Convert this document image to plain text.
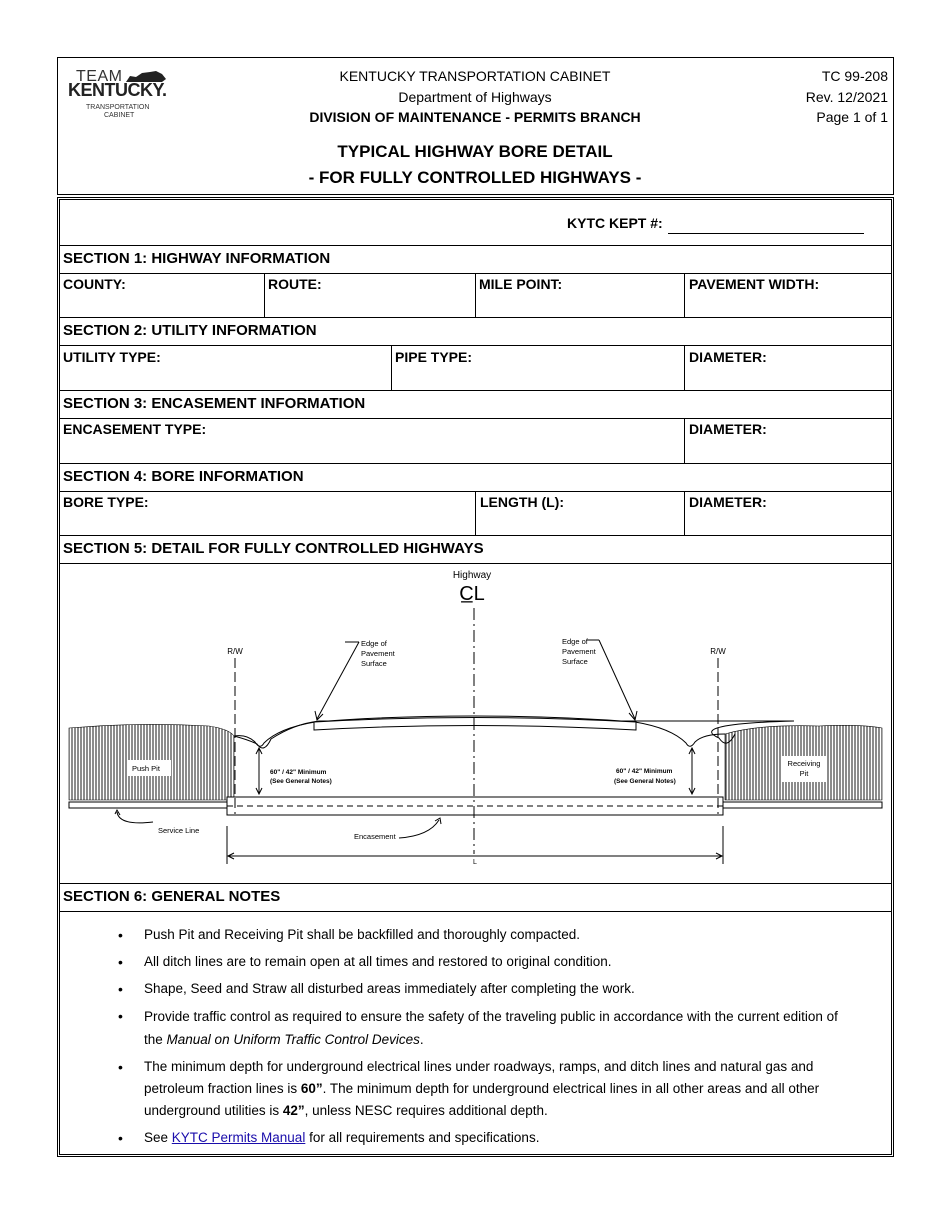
TEAM
KENTUCKY.
TRANSPORTATION
CABINET
KENTUCKY TRANSPORTATION CABINET
Department of Highways
DIVISION OF MAINTENANCE - PERMITS BRANCH
TYPICAL HIGHWAY BORE DETAIL
- FOR FULLY CONTROLLED HIGHWAYS -
TC 99-208
Rev. 12/2021
Page 1 of 1
KYTC KEPT #:
SECTION 1: HIGHWAY INFORMATION
COUNTY:	ROUTE:	MILE POINT:	PAVEMENT WIDTH:
SECTION 2: UTILITY INFORMATION
UTILITY TYPE:	PIPE TYPE:	DIAMETER:
SECTION 3: ENCASEMENT INFORMATION
ENCASEMENT TYPE:	DIAMETER:
SECTION 4: BORE INFORMATION
BORE TYPE:	LENGTH (L):	DIAMETER:
SECTION 5: DETAIL FOR FULLY CONTROLLED HIGHWAYS
Highway
C̲L
R/W	R/W
Edge of
Pavement
Surface
Edge of
Pavement
Surface
Push Pit
Receiving
Pit
60" / 42" Minimum
(See General Notes)
60" / 42" Minimum
(See General Notes)
Service Line
Encasement
L
SECTION 6: GENERAL NOTES
• Push Pit and Receiving Pit shall be backfilled and thoroughly compacted.
• All ditch lines are to remain open at all times and restored to original condition.
• Shape, Seed and Straw all disturbed areas immediately after completing the work.
• Provide traffic control as required to ensure the safety of the traveling public in accordance with the current edition of the Manual on Uniform Traffic Control Devices.
• The minimum depth for underground electrical lines under roadways, ramps, and ditch lines and natural gas and petroleum fraction lines is 60”. The minimum depth for underground electrical lines in all other areas and all other underground utilities is 42”, unless NESC requires additional depth.
• See KYTC Permits Manual for all requirements and specifications.
